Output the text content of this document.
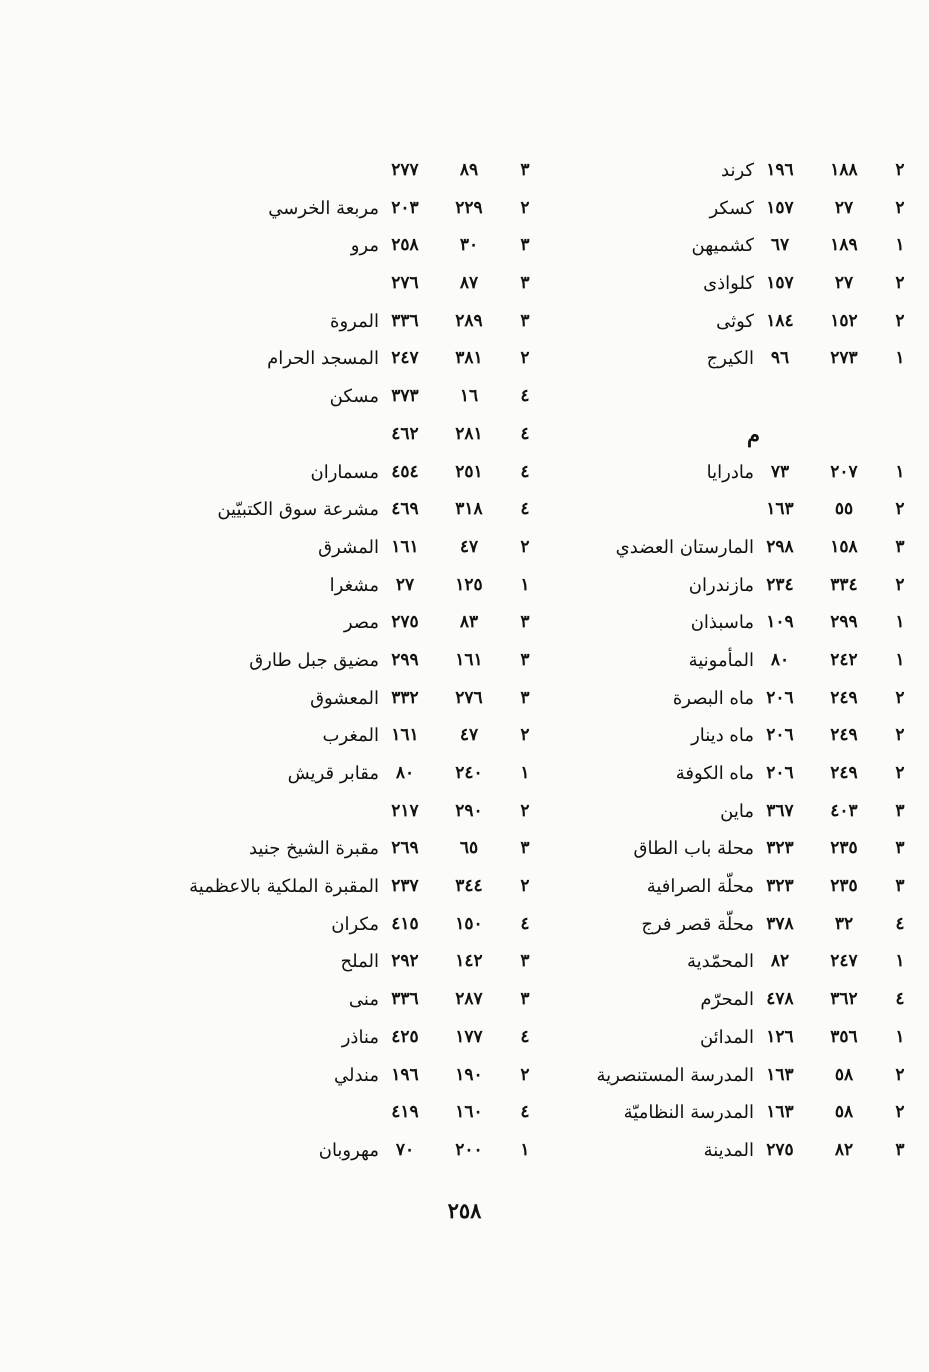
٢
١٨٨
١٩٦
كرند
٢
٢٧
١٥٧
كسكر
١
١٨٩
٦٧
كشميهن
٢
٢٧
١٥٧
كلواذى
٢
١٥٢
١٨٤
كوثى
١
٢٧٣
٩٦
الكيرج
م
١
٢٠٧
٧٣
مادرايا
٢
٥٥
١٦٣
٣
١٥٨
٢٩٨
المارستان العضدي
٢
٣٣٤
٢٣٤
مازندران
١
٢٩٩
١٠٩
ماسبذان
١
٢٤٢
٨٠
المأمونية
٢
٢٤٩
٢٠٦
ماه البصرة
٢
٢٤٩
٢٠٦
ماه دينار
٢
٢٤٩
٢٠٦
ماه الكوفة
٣
٤٠٣
٣٦٧
ماين
٣
٢٣٥
٣٢٣
محلة باب الطاق
٣
٢٣٥
٣٢٣
محلّة الصرافية
٤
٣٢
٣٧٨
محلّة قصر فرج
١
٢٤٧
٨٢
المحمّدية
٤
٣٦٢
٤٧٨
المحرّم
١
٣٥٦
١٢٦
المدائن
٢
٥٨
١٦٣
المدرسة المستنصرية
٢
٥٨
١٦٣
المدرسة النظاميّة
٣
٨٢
٢٧٥
المدينة
٣
٨٩
٢٧٧
٢
٢٢٩
٢٠٣
مربعة الخرسي
٣
٣٠
٢٥٨
مرو
٣
٨٧
٢٧٦
٣
٢٨٩
٣٣٦
المروة
٢
٣٨١
٢٤٧
المسجد الحرام
٤
١٦
٣٧٣
مسكن
٤
٢٨١
٤٦٢
٤
٢٥١
٤٥٤
مسماران
٤
٣١٨
٤٦٩
مشرعة سوق الكتبيّين
٢
٤٧
١٦١
المشرق
١
١٢٥
٢٧
مشغرا
٣
٨٣
٢٧٥
مصر
٣
١٦١
٢٩٩
مضيق جبل طارق
٣
٢٧٦
٣٣٢
المعشوق
٢
٤٧
١٦١
المغرب
١
٢٤٠
٨٠
مقابر قريش
٢
٢٩٠
٢١٧
٣
٦٥
٢٦٩
مقبرة الشيخ جنيد
٢
٣٤٤
٢٣٧
المقبرة الملكية بالاعظمية
٤
١٥٠
٤١٥
مكران
٣
١٤٢
٢٩٢
الملح
٣
٢٨٧
٣٣٦
منى
٤
١٧٧
٤٢٥
مناذر
٢
١٩٠
١٩٦
مندلي
٤
١٦٠
٤١٩
١
٢٠٠
٧٠
مهروبان
٢٥٨
